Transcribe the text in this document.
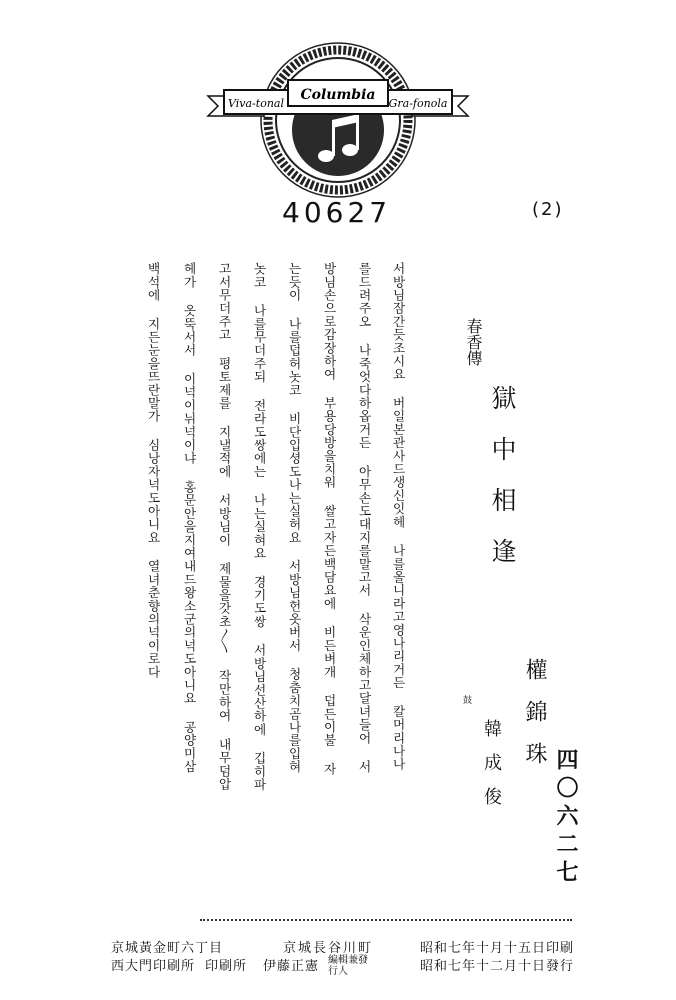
Viva-tonal
Columbia
Gra-fonola
40627	(2)
春香傳
獄中相逢
權錦珠
鼓
韓成俊 四〇六二七
서방님잠간듯조시요 버일본관사드생신잇헤 나를올니라고영나리거든 칼머리나나
를드려주오 나죽엇다하옵거든 아무손도대지를말고서 삭운인체하고달녀들어 서
방님손으로감장하여 부용당방을치워 쌀고자든백담요에 비든벼개 덥든이불 자
는듯이 나를덥허놋코 비단입셩도나는실허요 서방님헌옷버서 청춤치곰나를입혀
놋코 나를무더주되 전라도쌍에는 나는실혀요 경기도쌍 서방님선산하에 깁히파
고서무더주고 평토제를 지낼적에 서방님이 제물을갓초〳〵 작만하여 내무덤압
헤가 옷뚝서서 이넉이뉘넉이냐 홍문안을지여내드왕소군의넉도아니요 공양미삼
백석에 지든눈을뜨란말가 심낭자넉도아니요 열녀춘향의넉이로다
昭和七年十月十五日印刷
昭和七年十二月十日發行
京城長谷川町
伊藤正憲 編輯兼發行人
京城黃金町六丁目
西大門印刷所 印刷所
